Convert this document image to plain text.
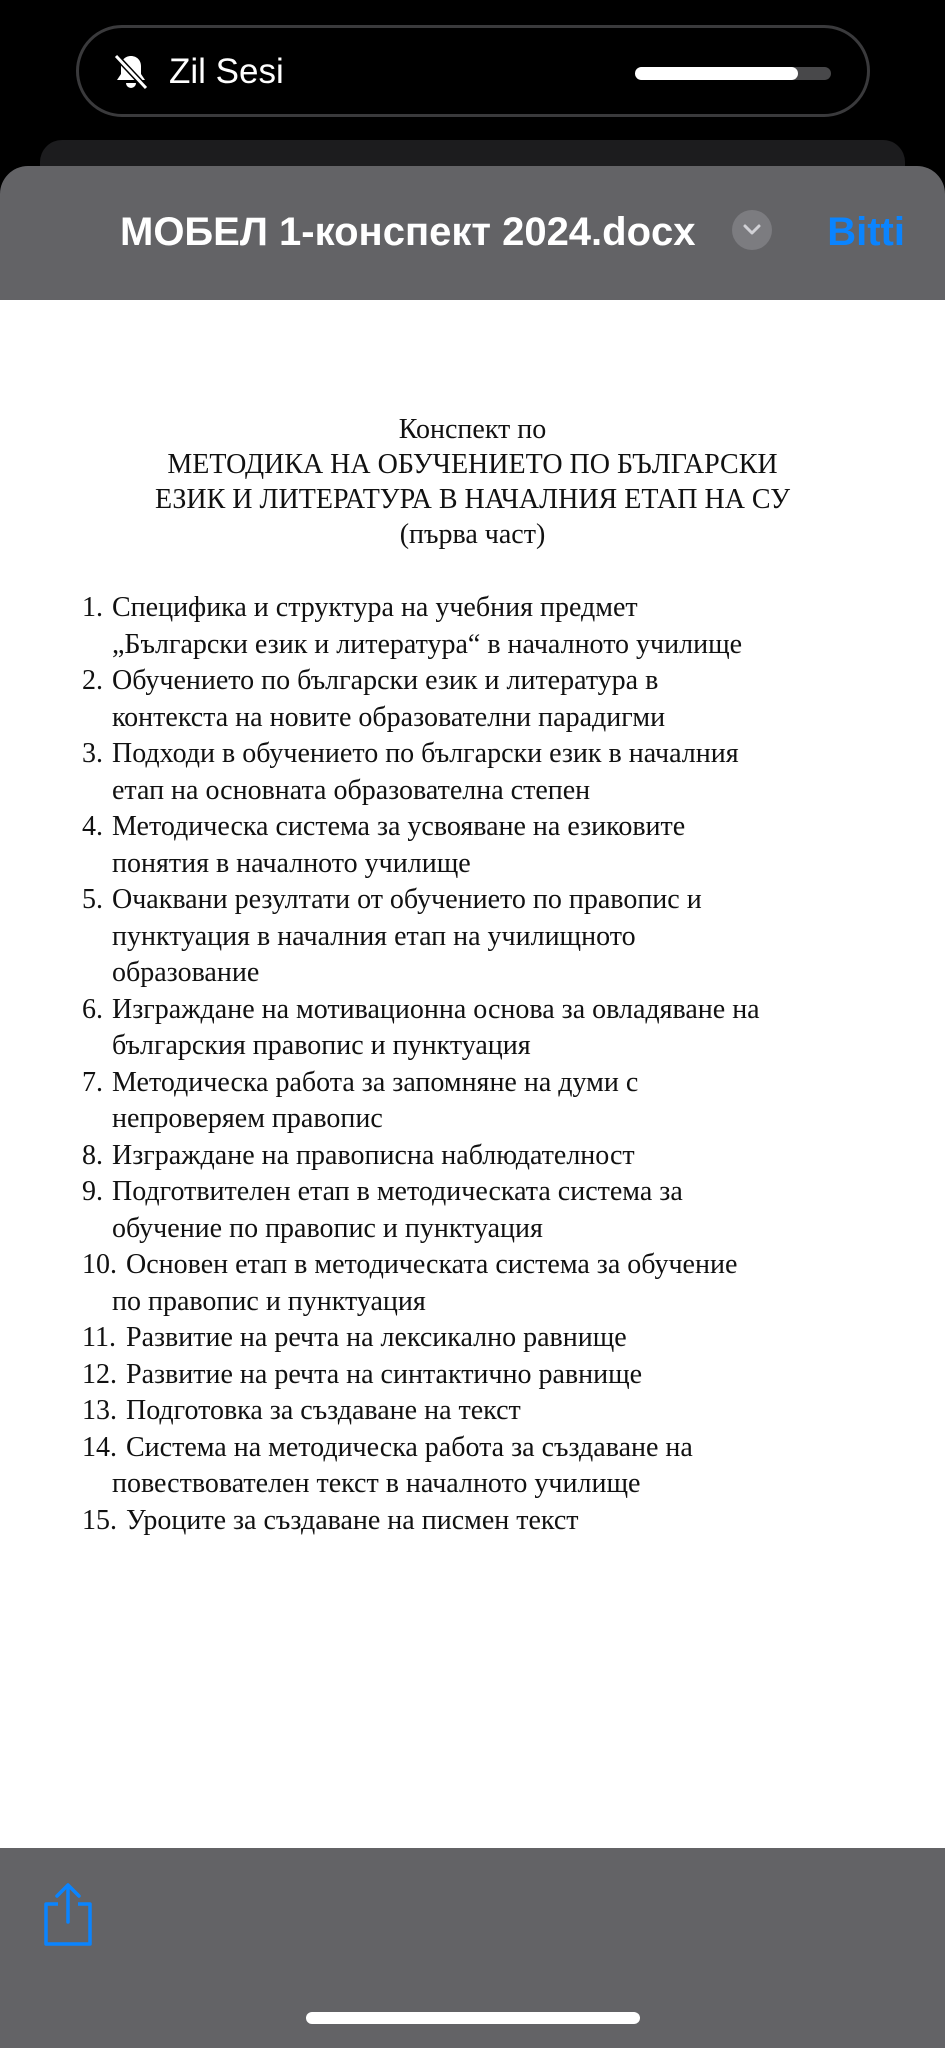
Zil Sesi
МОБЕЛ 1-конспект 2024.docx	Bitti
Конспект по
МЕТОДИКА НА ОБУЧЕНИЕТО ПО БЪЛГАРСКИ
ЕЗИК И ЛИТЕРАТУРА В НАЧАЛНИЯ ЕТАП НА СУ
(първа част)
1. Специфика и структура на учебния предмет
„Български език и литература“ в началното училище
2. Обучението по български език и литература в
контекста на новите образователни парадигми
3. Подходи в обучението по български език в началния
етап на основната образователна степен
4. Методическа система за усвояване на езиковите
понятия в началното училище
5. Очаквани резултати от обучението по правопис и
пунктуация в началния етап на училищното
образование
6. Изграждане на мотивационна основа за овладяване на
българския правопис и пунктуация
7. Методическа работа за запомняне на думи с
непроверяем правопис
8. Изграждане на правописна наблюдателност
9. Подготвителен етап в методическата система за
обучение по правопис и пунктуация
10. Основен етап в методическата система за обучение
по правопис и пунктуация
11. Развитие на речта на лексикално равнище
12. Развитие на речта на синтактично равнище
13. Подготовка за създаване на текст
14. Система на методическа работа за създаване на
повествователен текст в началното училище
15. Уроците за създаване на писмен текст
